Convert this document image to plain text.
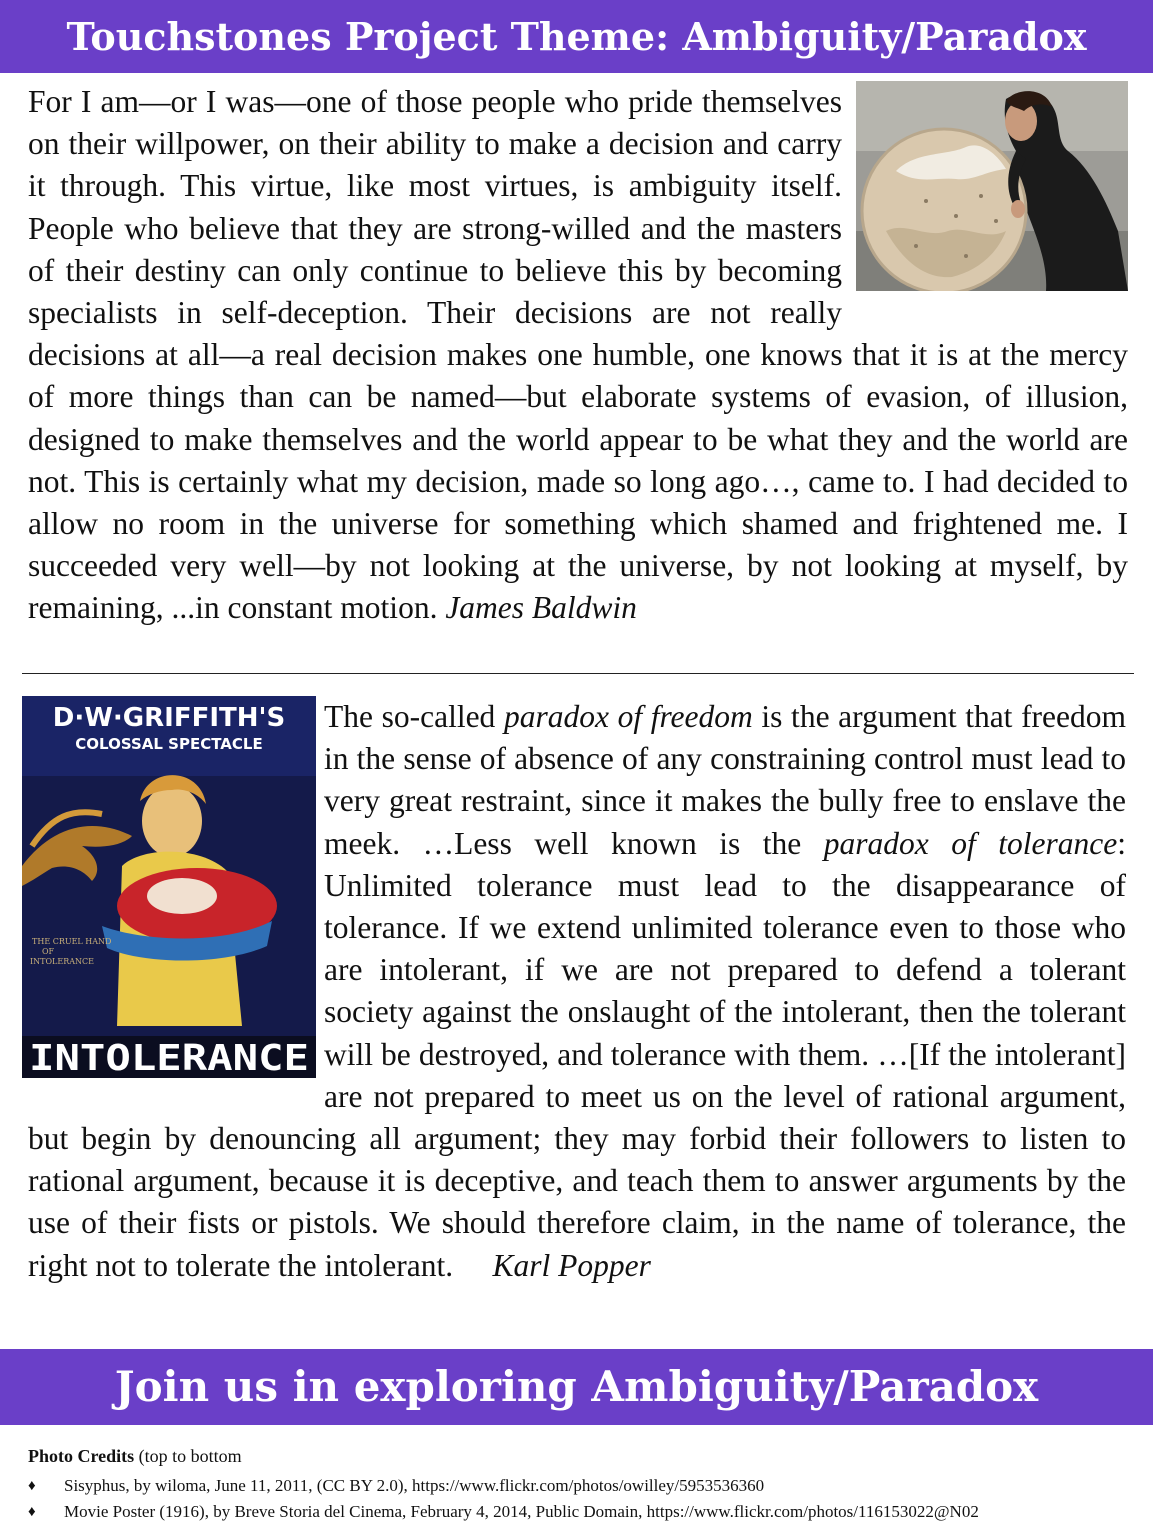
Touchstones Project Theme: Ambiguity/Paradox
For I am—or I was—one of those people who pride themselves on their willpower, on their ability to make a decision and carry it through. This virtue, like most virtues, is ambiguity itself. People who believe that they are strong-willed and the masters of their destiny can only continue to believe this by becoming specialists in self-deception. Their decisions are not really decisions at all—a real decision makes one humble, one knows that it is at the mercy of more things than can be named—but elaborate systems of evasion, of illusion, designed to make themselves and the world appear to be what they and the world are not. This is certainly what my decision, made so long ago…, came to. I had decided to allow no room in the universe for something which shamed and frightened me. I succeeded very well—by not looking at the universe, by not looking at myself, by remaining, ...in constant motion. James Baldwin
D·W·GRIFFITH'S
COLOSSAL SPECTACLE
THE CRUEL HAND
OF
INTOLERANCE
INTOLERANCE
The so-called paradox of freedom is the argument that freedom in the sense of absence of any constraining control must lead to very great restraint, since it makes the bully free to enslave the meek. …Less well known is the paradox of tolerance: Unlimited tolerance must lead to the disappearance of tolerance. If we extend unlimited tolerance even to those who are intolerant, if we are not prepared to defend a tolerant society against the onslaught of the intolerant, then the tolerant will be destroyed, and tolerance with them. …[If the intolerant] are not prepared to meet us on the level of rational argument, but begin by denouncing all argument; they may forbid their followers to listen to rational argument, because it is deceptive, and teach them to answer arguments by the use of their fists or pistols. We should therefore claim, in the name of tolerance, the right not to tolerate the intolerant. Karl Popper
Join us in exploring Ambiguity/Paradox
Photo Credits (top to bottom
♦ Sisyphus, by wiloma, June 11, 2011, (CC BY 2.0), https://www.flickr.com/photos/owilley/5953536360
♦ Movie Poster (1916), by Breve Storia del Cinema, February 4, 2014, Public Domain, https://www.flickr.com/photos/116153022@N02
